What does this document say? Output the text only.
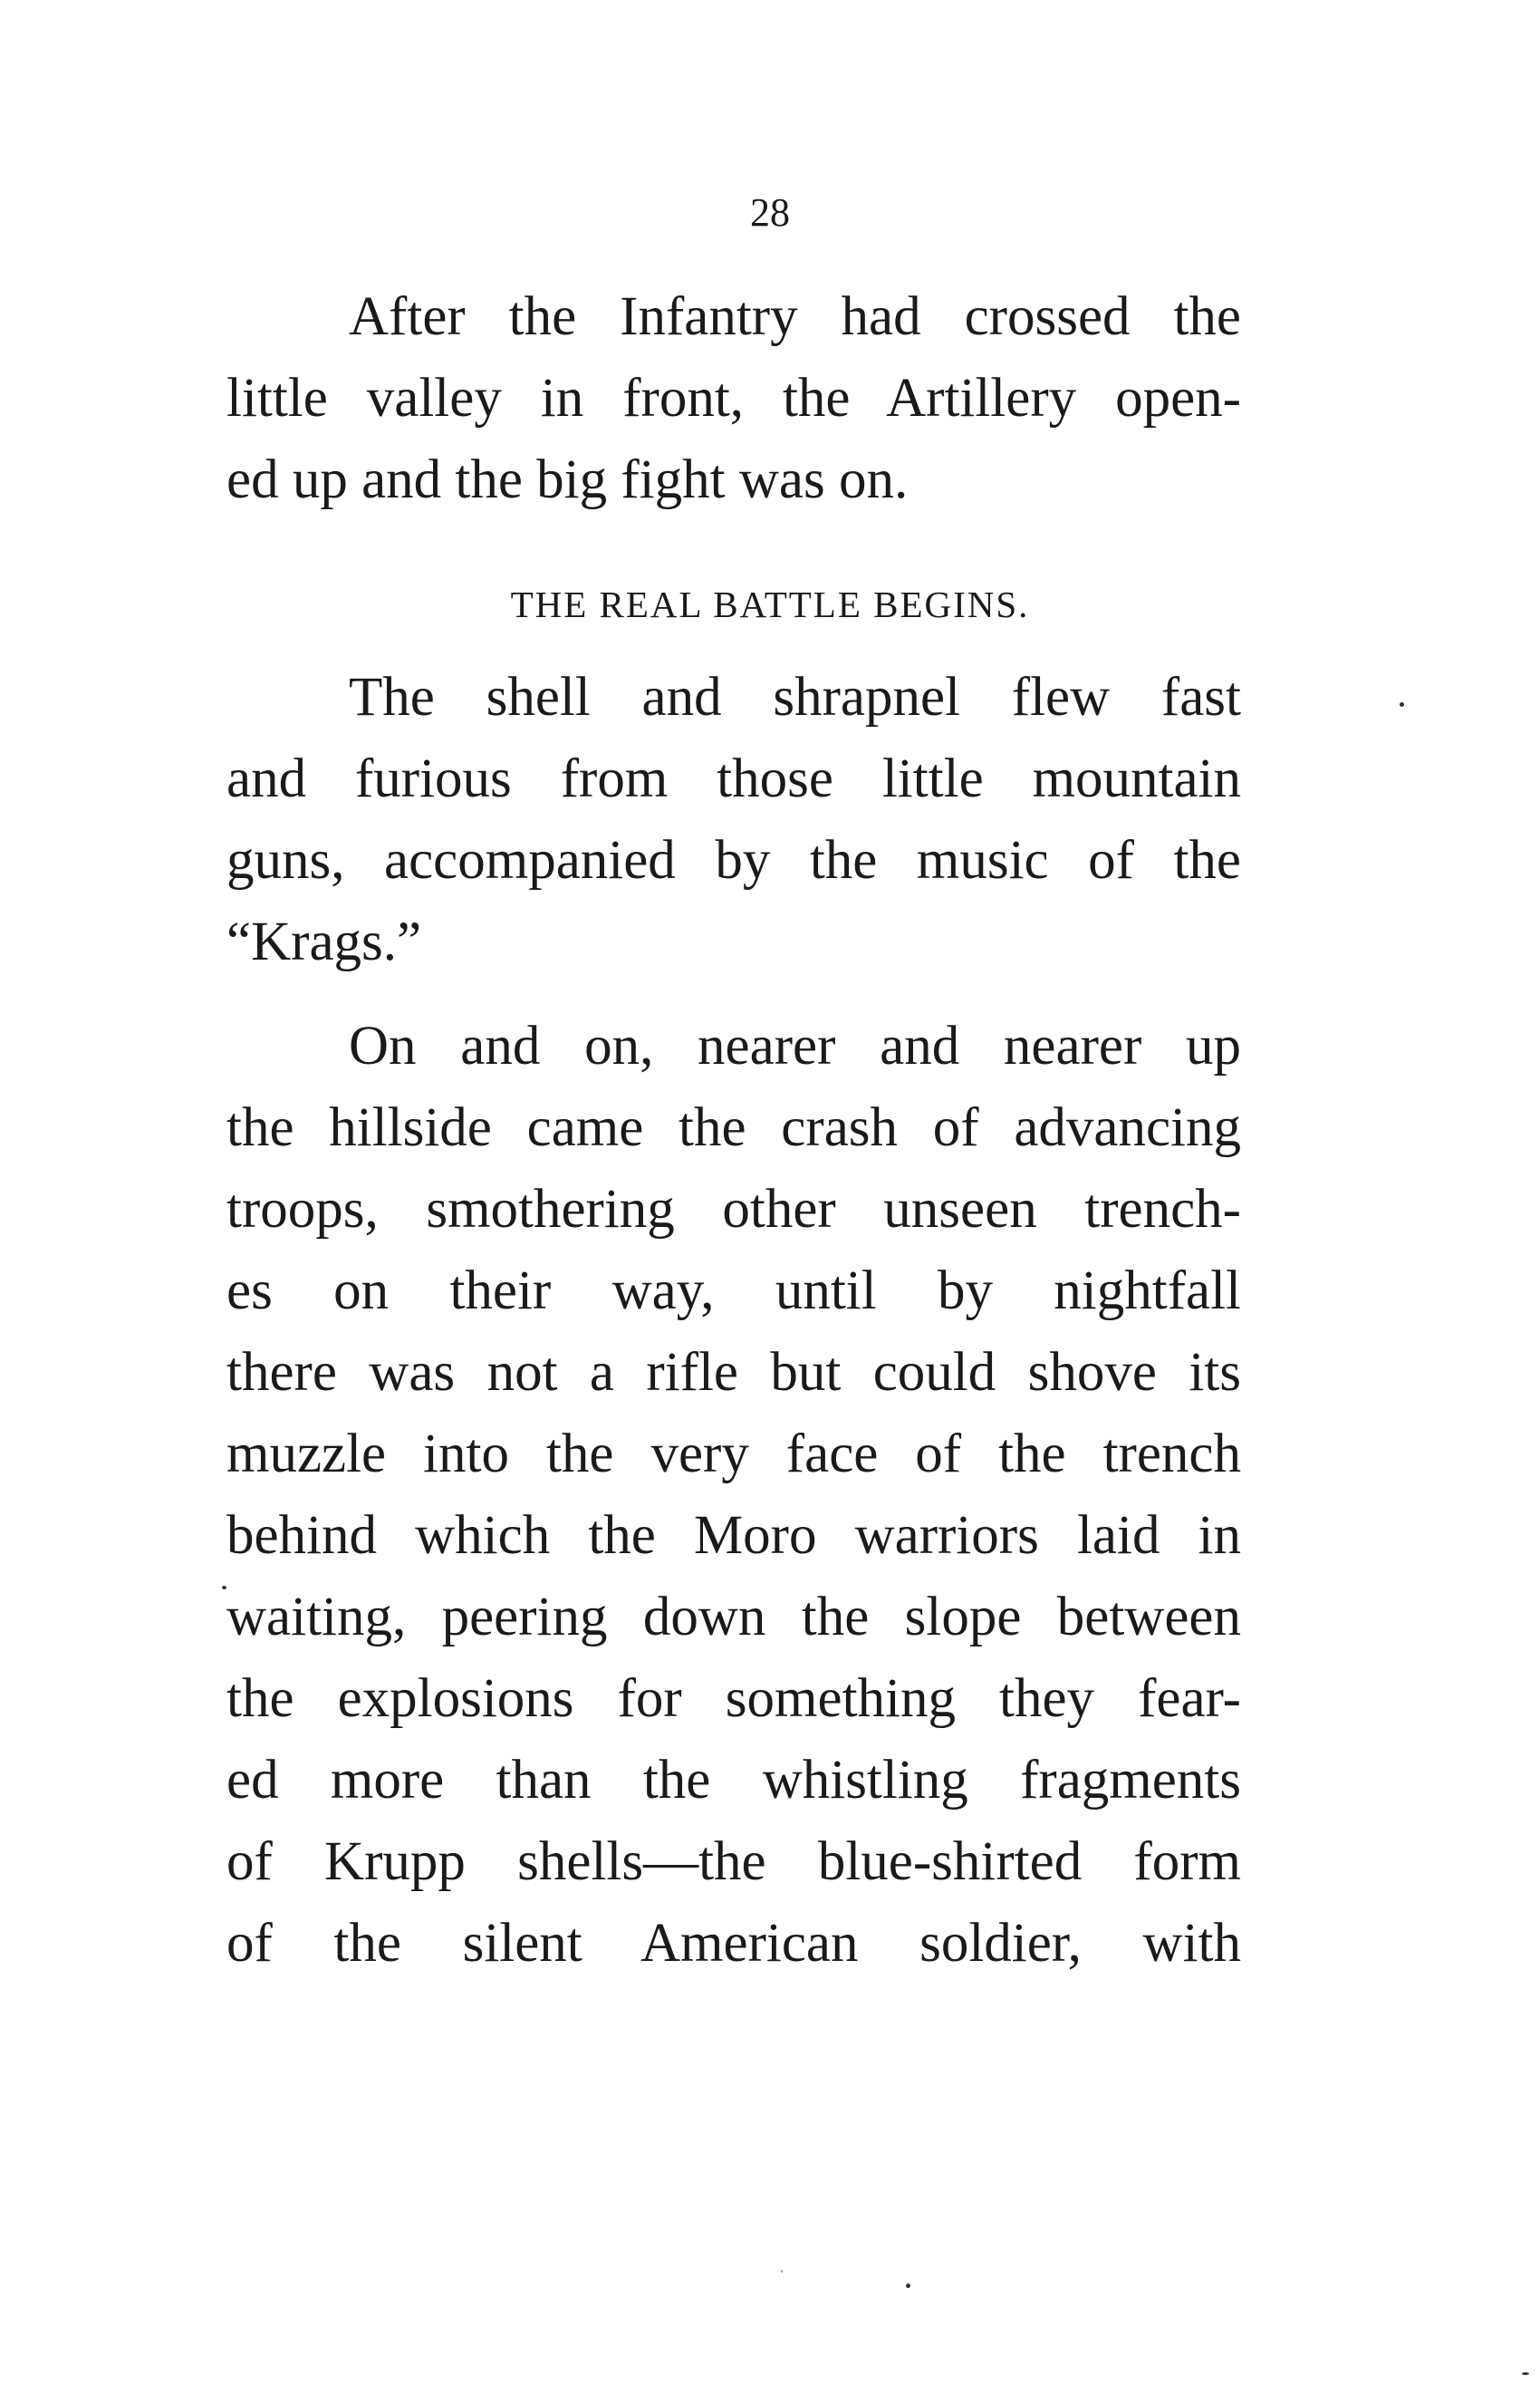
28
After the Infantry had crossed the
little valley in front, the Artillery open-
ed up and the big fight was on.
THE REAL BATTLE BEGINS.
The shell and shrapnel flew fast
and furious from those little mountain
guns, accompanied by the music of the
“Krags.”
On and on, nearer and nearer up
the hillside came the crash of advancing
troops, smothering other unseen trench-
es on their way, until by nightfall
there was not a rifle but could shove its
muzzle into the very face of the trench
behind which the Moro warriors laid in
waiting, peering down the slope between
the explosions for something they fear-
ed more than the whistling fragments
of Krupp shells—the blue-shirted form
of the silent American soldier, with
